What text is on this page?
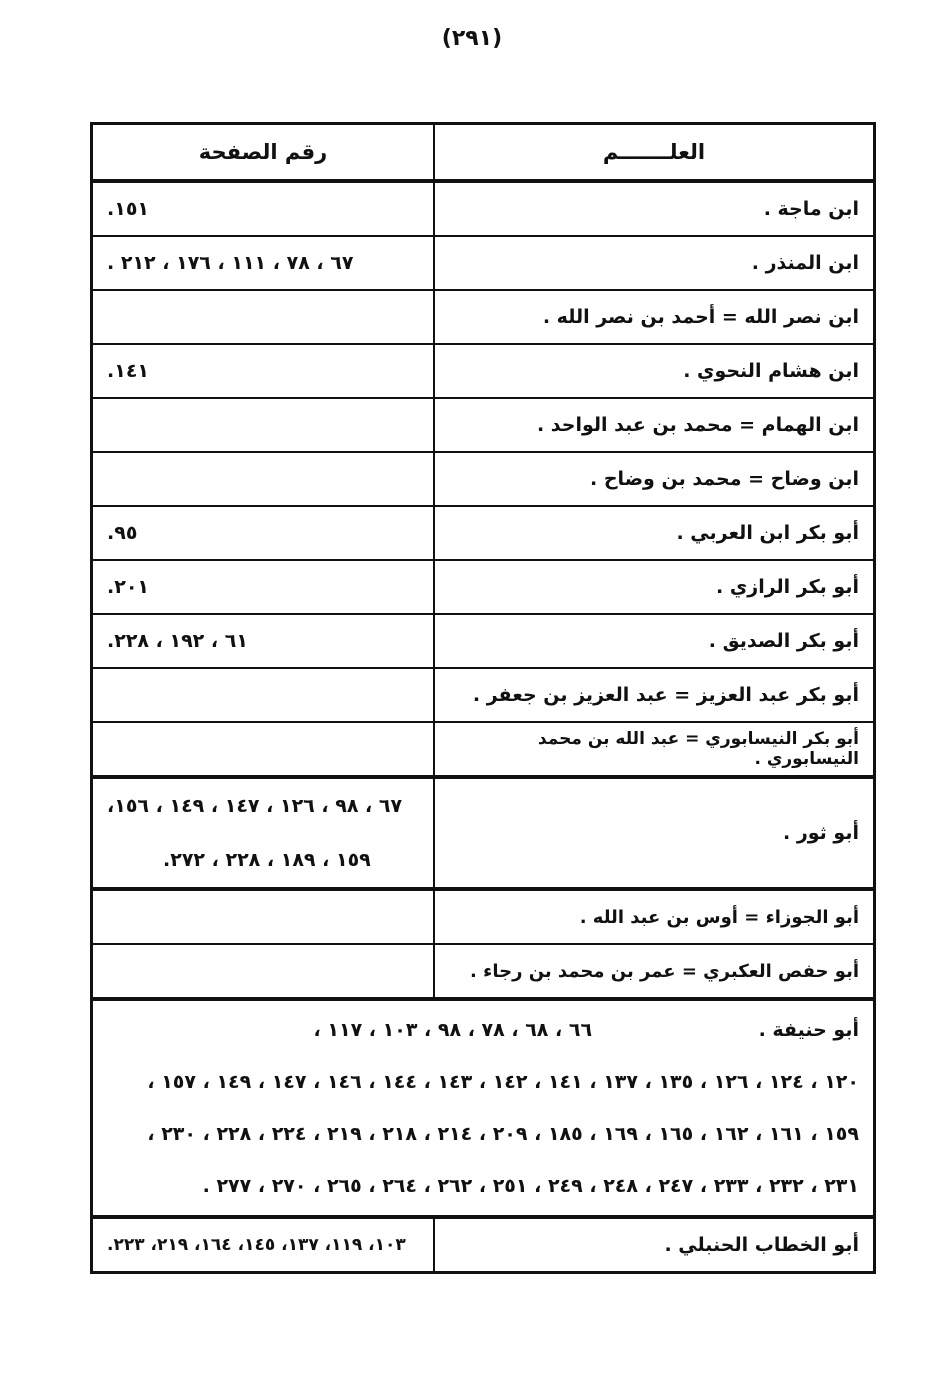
(٢٩١)
العلـــــــم	رقم الصفحة
ابن ماجة .	١٥١.
ابن المنذر .	٦٧ ، ٧٨ ، ١١١ ، ١٧٦ ، ٢١٢ .
ابن نصر الله = أحمد بن نصر الله .	
ابن هشام النحوي .	١٤١.
ابن الهمام = محمد بن عبد الواحد .	
ابن وضاح = محمد بن وضاح .	
أبو بكر ابن العربي .	٩٥.
أبو بكر الرازي .	٢٠١.
أبو بكر الصديق .	٦١ ، ١٩٢ ، ٢٢٨.
أبو بكر عبد العزيز = عبد العزيز بن جعفر .	
أبو بكر النيسابوري = عبد الله بن محمد النيسابوري .	
أبو ثور .	٦٧ ، ٩٨ ، ١٢٦ ، ١٤٧ ، ١٤٩ ، ١٥٦،
١٥٩ ، ١٨٩ ، ٢٢٨ ، ٢٧٢.

أبو الجوزاء = أوس بن عبد الله .	
أبو حفص العكبري = عمر بن محمد بن رجاء .	

أبو حنيفة .
٦٦ ، ٦٨ ، ٧٨ ، ٩٨ ، ١٠٣ ، ١١٧ ،
١٢٠ ، ١٢٤ ، ١٢٦ ، ١٣٥ ، ١٣٧ ، ١٤١ ، ١٤٢ ، ١٤٣ ، ١٤٤ ، ١٤٦ ، ١٤٧ ، ١٤٩ ، ١٥٧ ،
١٥٩ ، ١٦١ ، ١٦٢ ، ١٦٥ ، ١٦٩ ، ١٨٥ ، ٢٠٩ ، ٢١٤ ، ٢١٨ ، ٢١٩ ، ٢٢٤ ، ٢٢٨ ، ٢٣٠ ،
٢٣١ ، ٢٣٢ ، ٢٣٣ ، ٢٤٧ ، ٢٤٨ ، ٢٤٩ ، ٢٥١ ، ٢٦٢ ، ٢٦٤ ، ٢٦٥ ، ٢٧٠ ، ٢٧٧ .	

أبو الخطاب الحنبلي .	١٠٣، ١١٩، ١٣٧، ١٤٥، ١٦٤، ٢١٩، ٢٢٣.
